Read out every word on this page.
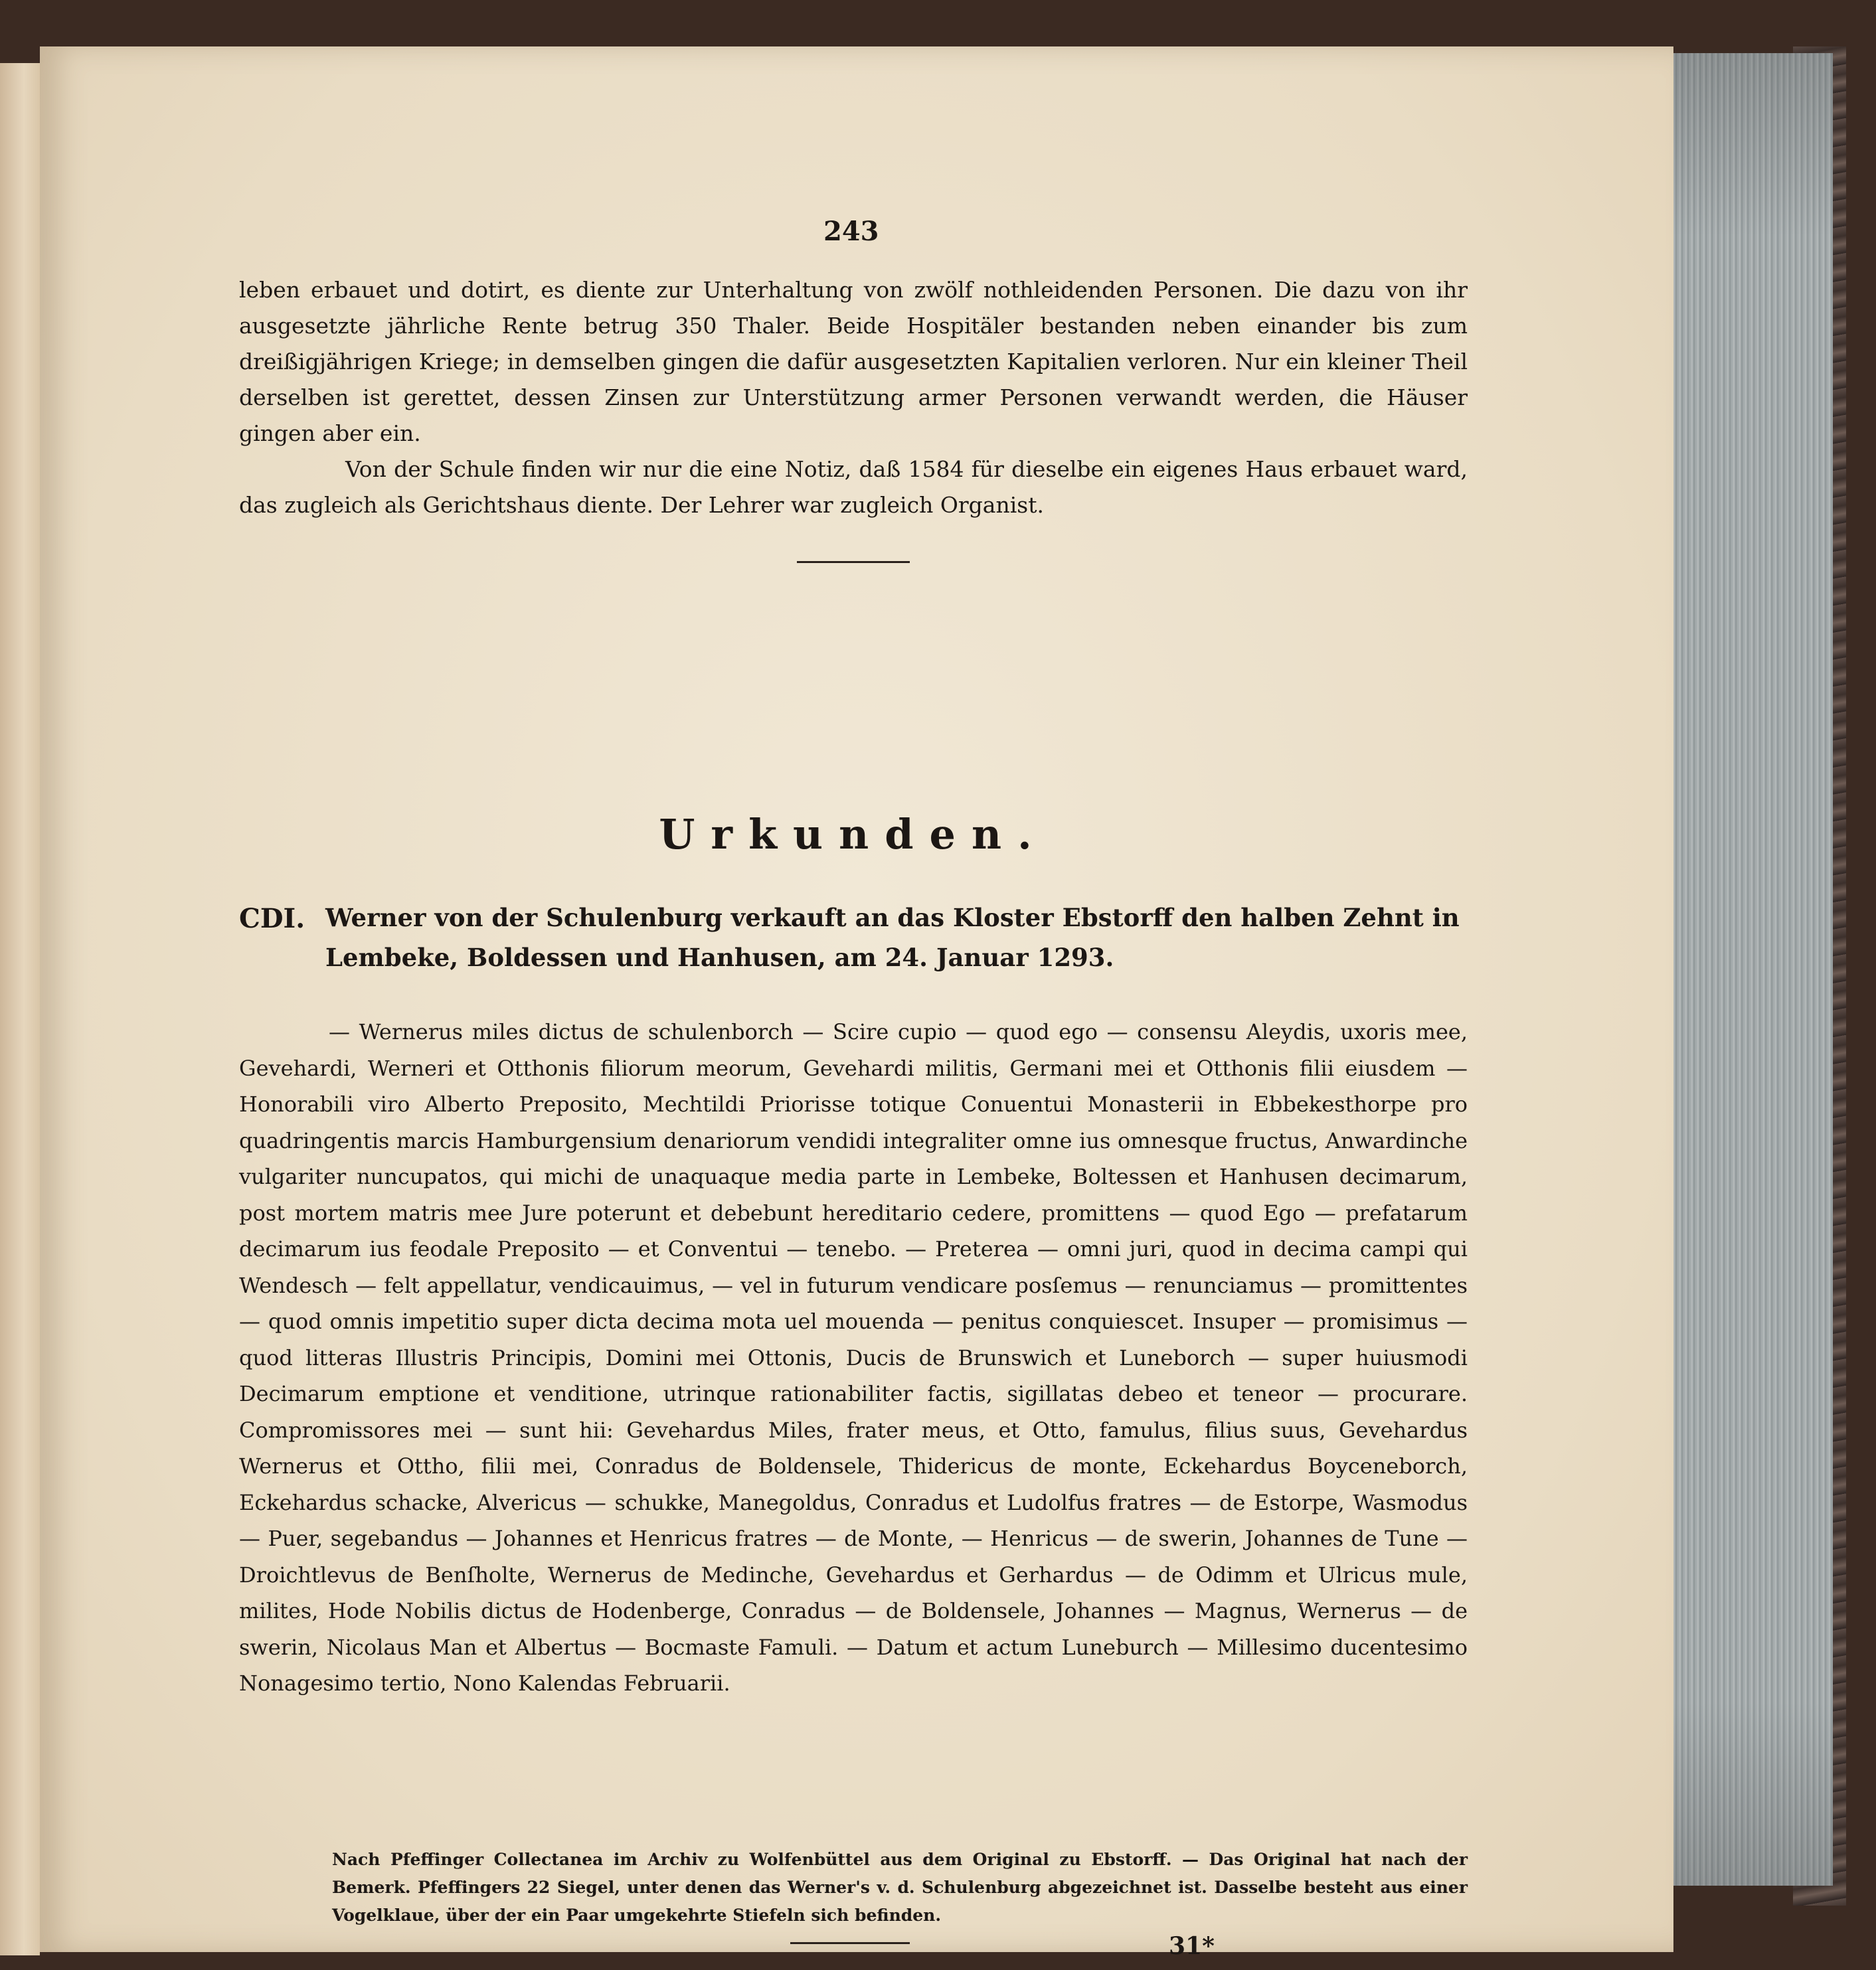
243

leben erbauet und dotirt, es diente zur Unterhaltung von zwölf nothleidenden Personen. Die dazu von ihr ausgesetzte jährliche Rente betrug 350 Thaler. Beide Hospitäler bestanden neben einander bis zum dreißigjährigen Kriege; in demselben gingen die dafür ausgesetzten Kapitalien verloren. Nur ein kleiner Theil derselben ist gerettet, dessen Zinsen zur Unterstützung armer Personen verwandt werden, die Häuser gingen aber ein.

Von der Schule finden wir nur die eine Notiz, daß 1584 für dieselbe ein eigenes Haus erbauet ward, das zugleich als Gerichtshaus diente. Der Lehrer war zugleich Organist.

Urkunden.
CDI. Werner von der Schulenburg verkauft an das Kloster Ebstorff den halben Zehnt in Lembeke, Boldessen und Hanhusen, am 24. Januar 1293.

— Wernerus miles dictus de schulenborch — Scire cupio — quod ego — consensu Aleydis, uxoris mee, Gevehardi, Werneri et Otthonis filiorum meorum, Gevehardi militis, Germani mei et Otthonis filii eiusdem — Honorabili viro Alberto Preposito, Mechtildi Priorisse totique Conuentui Monasterii in Ebbekesthorpe pro quadringentis marcis Hamburgensium denariorum vendidi integraliter omne ius omnesque fructus, Anwardinche vulgariter nuncupatos, qui michi de unaquaque media parte in Lembeke, Boltessen et Hanhusen decimarum, post mortem matris mee Jure poterunt et debebunt hereditario cedere, promittens — quod Ego — prefatarum decimarum ius feodale Preposito — et Conventui — tenebo. — Preterea — omni juri, quod in decima campi qui Wendesch — felt appellatur, vendicauimus, — vel in futurum vendicare posſemus — renunciamus — promittentes — quod omnis impetitio super dicta decima mota uel mouenda — penitus conquiescet. Insuper — promisimus — quod litteras Illustris Principis, Domini mei Ottonis, Ducis de Brunswich et Luneborch — super huiusmodi Decimarum emptione et venditione, utrinque rationabiliter factis, sigillatas debeo et teneor — procurare. Compromissores mei — sunt hii: Gevehardus Miles, frater meus, et Otto, famulus, filius suus, Gevehardus Wernerus et Ottho, filii mei, Conradus de Boldensele, Thidericus de monte, Eckehardus Boyceneborch, Eckehardus schacke, Alvericus — schukke, Manegoldus, Conradus et Ludolfus fratres — de Estorpe, Wasmodus — Puer, segebandus — Johannes et Henricus fratres — de Monte, — Henricus — de swerin, Johannes de Tune — Droichtlevus de Benſholte, Wernerus de Medinche, Gevehardus et Gerhardus — de Odimm et Ulricus mule, milites, Hode Nobilis dictus de Hodenberge, Conradus — de Boldensele, Johannes — Magnus, Wernerus — de swerin, Nicolaus Man et Albertus — Bocmaste Famuli. — Datum et actum Luneburch — Millesimo ducentesimo Nonagesimo tertio, Nono Kalendas Februarii.

Nach Pfeffinger Collectanea im Archiv zu Wolfenbüttel aus dem Original zu Ebstorff. — Das Original hat nach der Bemerk. Pfeffingers 22 Siegel, unter denen das Werner's v. d. Schulenburg abgezeichnet ist. Dasselbe besteht aus einer Vogelklaue, über der ein Paar umgekehrte Stiefeln sich befinden.

31*
